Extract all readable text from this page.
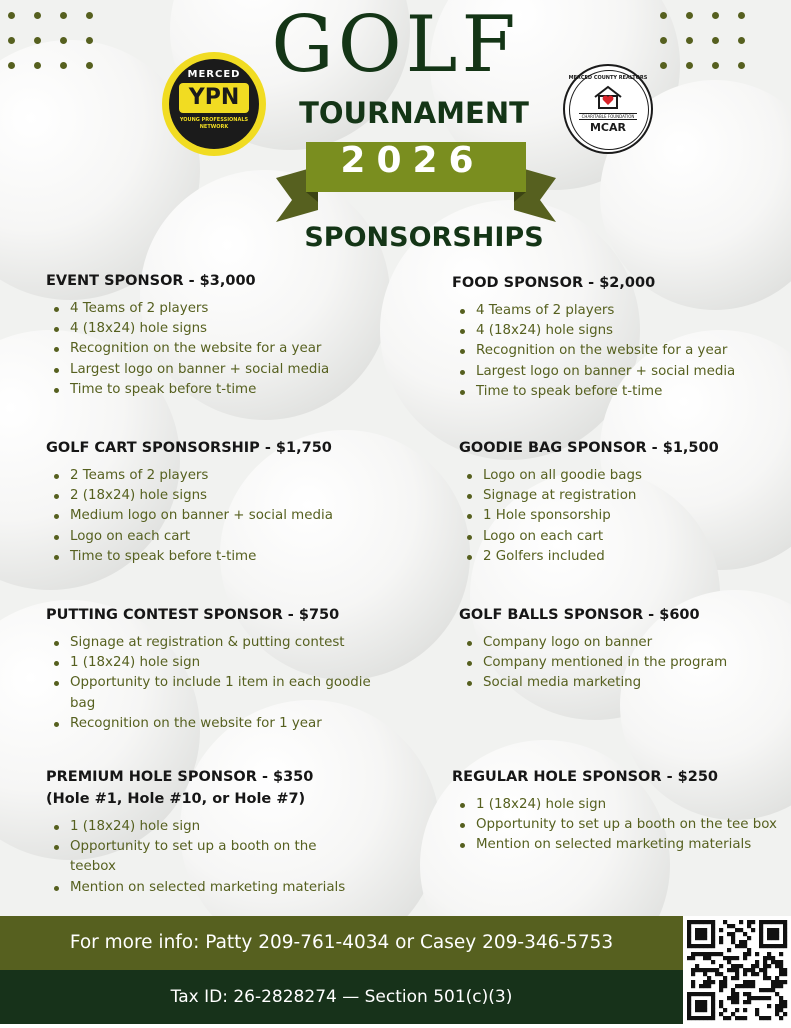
MERCED
YPN
YOUNG PROFESSIONALS NETWORK
MERCED COUNTY REALTORS
CHARITABLE FOUNDATION
MCAR
GOLF
TOURNAMENT
2026
SPONSORSHIPS
EVENT SPONSOR - $3,000
4 Teams of 2 players
4 (18x24) hole signs
Recognition on the website for a year
Largest logo on banner + social media
Time to speak before t-time
FOOD SPONSOR - $2,000
4 Teams of 2 players
4 (18x24) hole signs
Recognition on the website for a year
Largest logo on banner + social media
Time to speak before t-time
GOLF CART SPONSORSHIP - $1,750
2 Teams of 2 players
2 (18x24) hole signs
Medium logo on banner + social media
Logo on each cart
Time to speak before t-time
GOODIE BAG SPONSOR - $1,500
Logo on all goodie bags
Signage at registration
1 Hole sponsorship
Logo on each cart
2 Golfers included
PUTTING CONTEST SPONSOR - $750
Signage at registration & putting contest
1 (18x24) hole sign
Opportunity to include 1 item in each goodie bag
Recognition on the website for 1 year
GOLF BALLS SPONSOR - $600
Company logo on banner
Company mentioned in the program
Social media marketing
PREMIUM HOLE SPONSOR - $350
(Hole #1, Hole #10, or Hole #7)
1 (18x24) hole sign
Opportunity to set up a booth on the teebox
Mention on selected marketing materials
REGULAR HOLE SPONSOR - $250
1 (18x24) hole sign
Opportunity to set up a booth on the tee box
Mention on selected marketing materials
For more info: Patty 209-761-4034 or Casey 209-346-5753
Tax ID: 26-2828274 — Section 501(c)(3)
